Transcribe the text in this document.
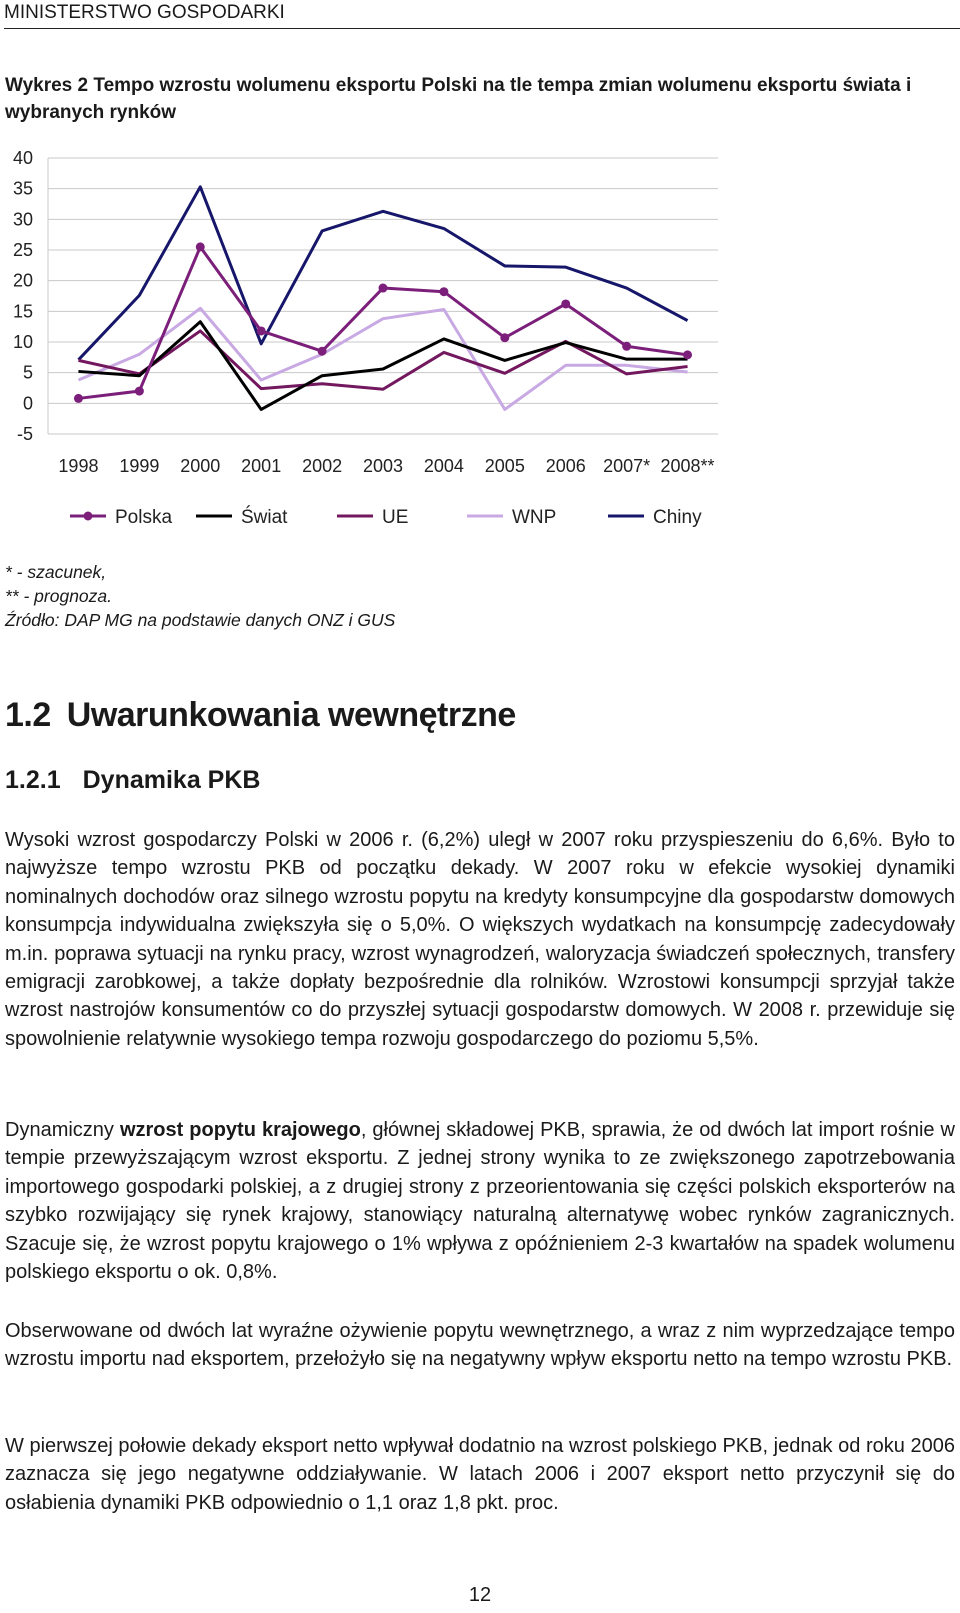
MINISTERSTWO GOSPODARKI
Wykres 2 Tempo wzrostu wolumenu eksportu Polski na tle tempa zmian wolumenu eksportu świata i wybranych rynków
40
35
30
25
20
15
10
5
0
-5
1998 1999 2000 2001 2002 2003 2004 2005 2006 2007* 2008**
Polska	Świat	UE	WNP	Chiny
* - szacunek,
** - prognoza.
Źródło: DAP MG na podstawie danych ONZ i GUS
1.2 Uwarunkowania wewnętrzne
1.2.1 Dynamika PKB

Wysoki wzrost gospodarczy Polski w 2006 r. (6,2%) uległ w 2007 roku przyspieszeniu do 6,6%. Było to najwyższe tempo wzrostu PKB od początku dekady. W 2007 roku w efekcie wysokiej dynamiki nominalnych dochodów oraz silnego wzrostu popytu na kredyty konsumpcyjne dla gospodarstw domowych konsumpcja indywidualna zwiększyła się o 5,0%. O większych wydatkach na konsumpcję zadecydowały m.in. poprawa sytuacji na rynku pracy, wzrost wynagrodzeń, waloryzacja świadczeń społecznych, transfery emigracji zarobkowej, a także dopłaty bezpośrednie dla rolników. Wzrostowi konsumpcji sprzyjał także wzrost nastrojów konsumentów co do przyszłej sytuacji gospodarstw domowych. W 2008 r. przewiduje się spowolnienie relatywnie wysokiego tempa rozwoju gospodarczego do poziomu 5,5%.

Dynamiczny wzrost popytu krajowego, głównej składowej PKB, sprawia, że od dwóch lat import rośnie w tempie przewyższającym wzrost eksportu. Z jednej strony wynika to ze zwiększonego zapotrzebowania importowego gospodarki polskiej, a z drugiej strony z przeorientowania się części polskich eksporterów na szybko rozwijający się rynek krajowy, stanowiący naturalną alternatywę wobec rynków zagranicznych. Szacuje się, że wzrost popytu krajowego o 1% wpływa z opóźnieniem 2-3 kwartałów na spadek wolumenu polskiego eksportu o ok. 0,8%.

Obserwowane od dwóch lat wyraźne ożywienie popytu wewnętrznego, a wraz z nim wyprzedzające tempo wzrostu importu nad eksportem, przełożyło się na negatywny wpływ eksportu netto na tempo wzrostu PKB.

W pierwszej połowie dekady eksport netto wpływał dodatnio na wzrost polskiego PKB, jednak od roku 2006 zaznacza się jego negatywne oddziaływanie. W latach 2006 i 2007 eksport netto przyczynił się do osłabienia dynamiki PKB odpowiednio o 1,1 oraz 1,8 pkt. proc.

12
